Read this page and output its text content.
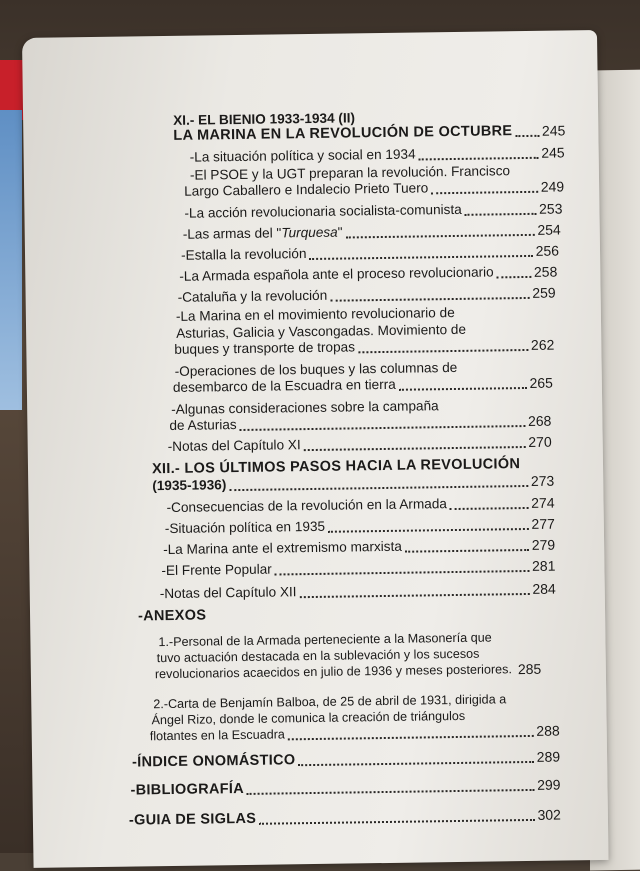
XI.- EL BIENIO 1933-1934 (II)
LA MARINA EN LA REVOLUCIÓN DE OCTUBRE 245
-La situación política y social en 1934	245
-El PSOE y la UGT preparan la revolución. Francisco
Largo Caballero e Indalecio Prieto Tuero	249
-La acción revolucionaria socialista-comunista	253
-Las armas del "Turquesa"	254
-Estalla la revolución	256
-La Armada española ante el proceso revolucionario	258
-Cataluña y la revolución	259
-La Marina en el movimiento revolucionario de
Asturias, Galicia y Vascongadas. Movimiento de
buques y transporte de tropas	262
-Operaciones de los buques y las columnas de
desembarco de la Escuadra en tierra	265
-Algunas consideraciones sobre la campaña
de Asturias	268
-Notas del Capítulo XI	270
XII.- LOS ÚLTIMOS PASOS HACIA LA REVOLUCIÓN
(1935-1936)	273
-Consecuencias de la revolución en la Armada	274
-Situación política en 1935	277
-La Marina ante el extremismo marxista	279
-El Frente Popular	281
-Notas del Capítulo XII	284
-ANEXOS
1.-Personal de la Armada perteneciente a la Masonería que
tuvo actuación destacada en la sublevación y los sucesos
revolucionarios acaecidos en julio de 1936 y meses posteriores. 285
2.-Carta de Benjamín Balboa, de 25 de abril de 1931, dirigida a
Ángel Rizo, donde le comunica la creación de triángulos
flotantes en la Escuadra	288
-ÍNDICE ONOMÁSTICO	289
-BIBLIOGRAFÍA	299
-GUIA DE SIGLAS	302
